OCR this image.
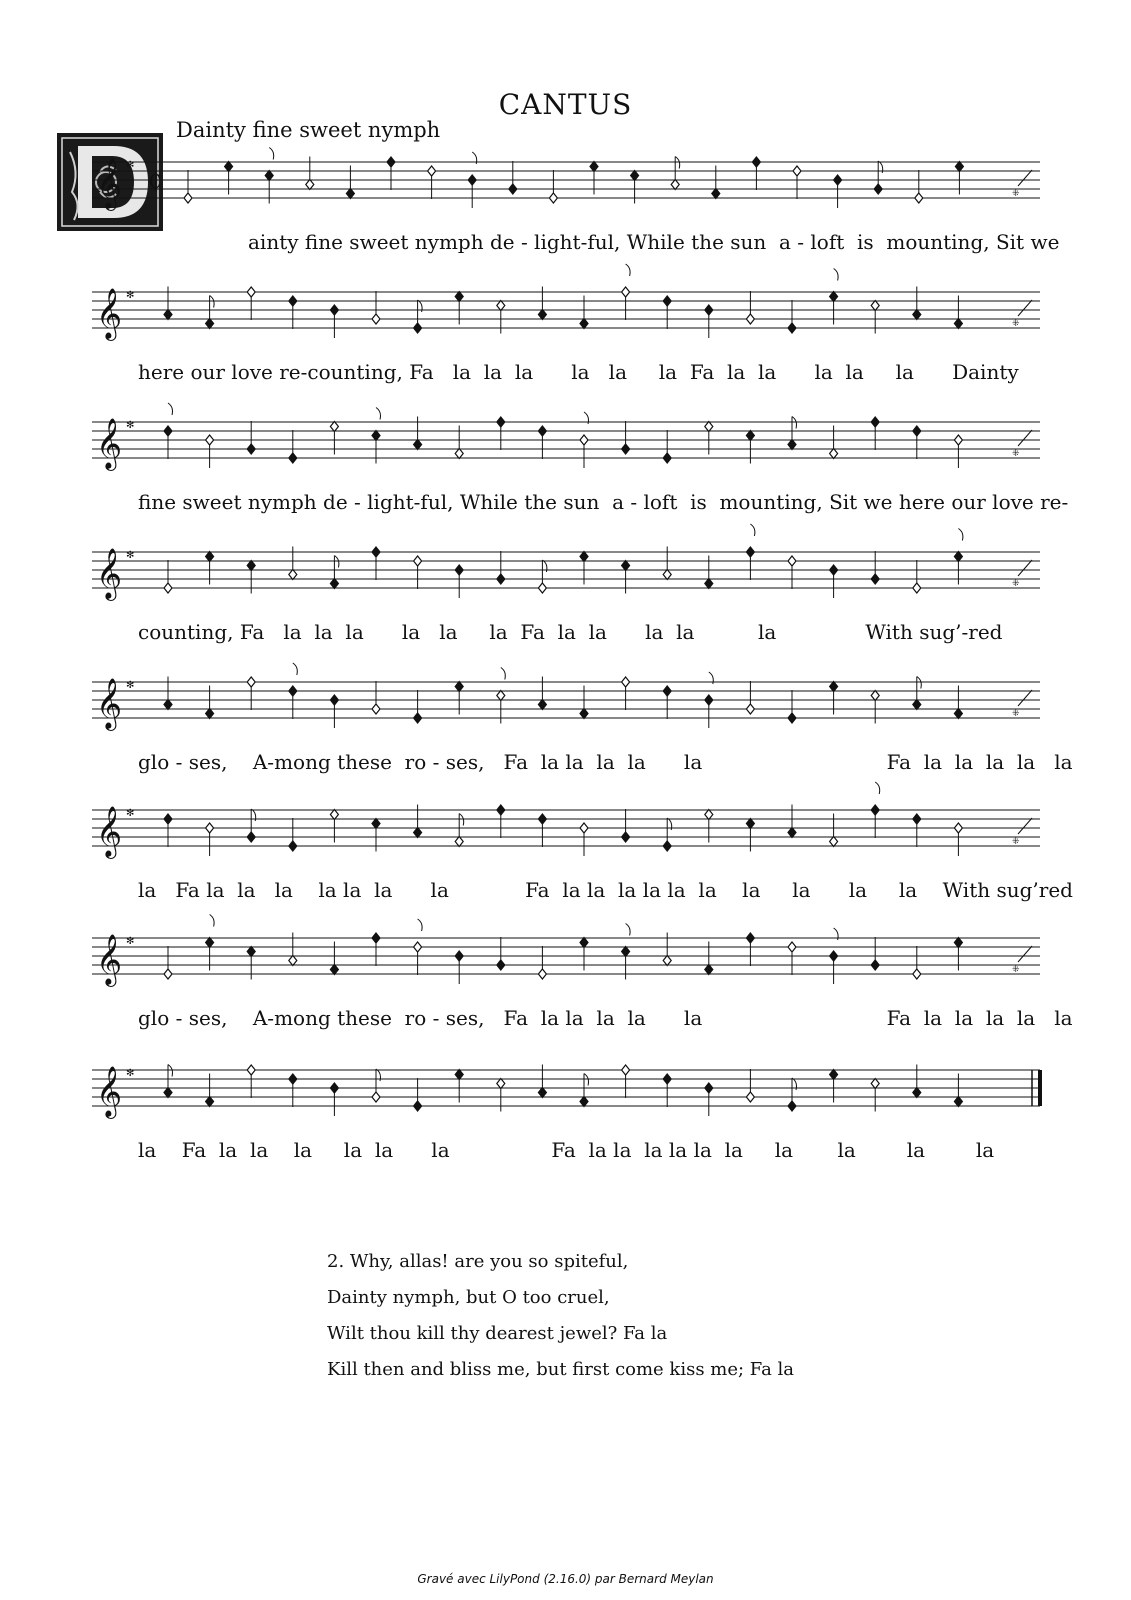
CANTUS
Dainty fine sweet nymph
𝄞 ✻
₵	⁜
ainty fine sweet nymph de - light-ful, While the sun  a - loft  is  mounting, Sit we
𝄞 ✻
⁜
here our love re-counting, Fa   la  la  la      la   la     la  Fa  la  la      la  la     la      Dainty
𝄞 ✻
⁜
fine sweet nymph de - light-ful, While the sun  a - loft  is  mounting, Sit we here our love re-
𝄞 ✻
⁜
counting, Fa   la  la  la      la   la     la  Fa  la  la      la  la          la              With sug’-red
𝄞 ✻
⁜
glo - ses,    A-mong these  ro - ses,   Fa  la la  la  la      la                             Fa  la  la  la  la   la
𝄞 ✻
⁜
la   Fa la  la   la    la la  la      la            Fa  la la  la la la  la    la     la      la     la    With sug’red
𝄞 ✻
⁜
glo - ses,    A-mong these  ro - ses,   Fa  la la  la  la      la                             Fa  la  la  la  la   la
𝄞 ✻
la    Fa  la  la    la     la  la      la                Fa  la la  la la la  la     la       la        la        la
2. Why, allas! are you so spiteful,
Dainty nymph, but O too cruel,
Wilt thou kill thy dearest jewel? Fa la
Kill then and bliss me, but first come kiss me; Fa la
Gravé avec LilyPond (2.16.0) par Bernard Meylan
